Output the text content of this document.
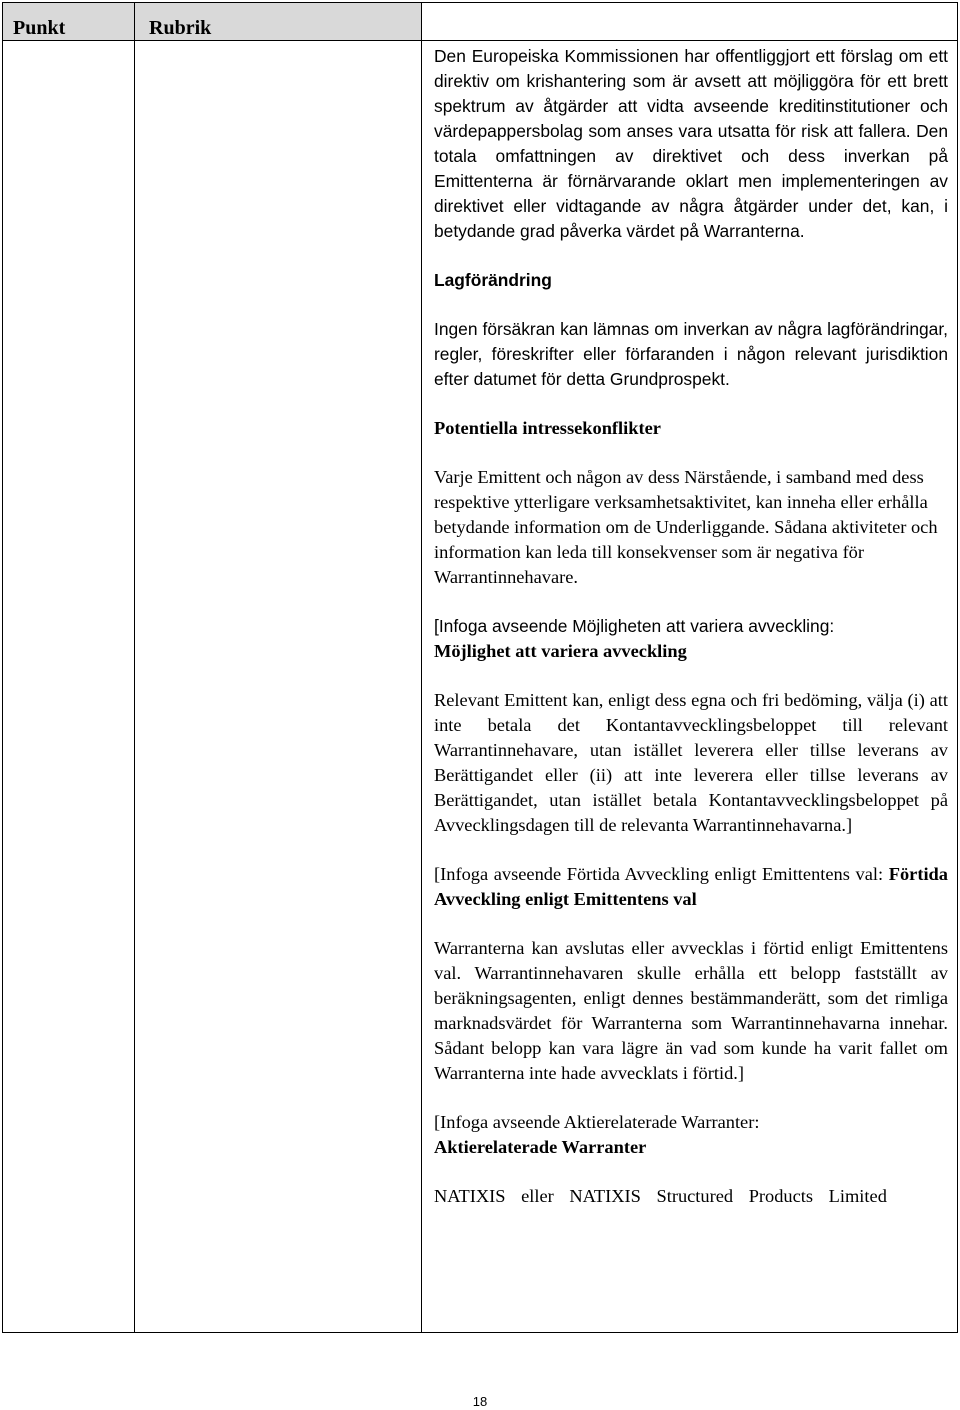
Punkt	Rubrik

Den Europeiska Kommissionen har offentliggjort ett förslag om ett direktiv om krishantering som är avsett att möjliggöra för ett brett spektrum av åtgärder att vidta avseende kreditinstitutioner och värdepappersbolag som anses vara utsatta för risk att fallera. Den totala omfattningen av direktivet och dess inverkan på Emittenterna är förnärvarande oklart men implementeringen av direktivet eller vidtagande av några åtgärder under det, kan, i betydande grad påverka värdet på Warranterna.

Lagförändring

Ingen försäkran kan lämnas om inverkan av några lagförändringar, regler, föreskrifter eller förfaranden i någon relevant jurisdiktion efter datumet för detta Grundprospekt.

Potentiella intressekonflikter

Varje Emittent och någon av dess Närstående, i samband med dess respektive ytterligare verksamhetsaktivitet, kan inneha eller erhålla betydande information om de Underliggande. Sådana aktiviteter och information kan leda till konsekvenser som är negativa för Warrantinnehavare.

[Infoga avseende Möjligheten att variera avveckling:
Möjlighet att variera avveckling

Relevant Emittent kan, enligt dess egna och fri bedöming, välja (i) att inte betala det Kontantavvecklingsbeloppet till relevant Warrantinnehavare, utan istället leverera eller tillse leverans av Berättigandet eller (ii) att inte leverera eller tillse leverans av Berättigandet, utan istället betala Kontantavvecklingsbeloppet på Avvecklingsdagen till de relevanta Warrantinnehavarna.]

[Infoga avseende Förtida Avveckling enligt Emittentens val: Förtida Avveckling enligt Emittentens val

Warranterna kan avslutas eller avvecklas i förtid enligt Emittentens val. Warrantinnehavaren skulle erhålla ett belopp fastställt av beräkningsagenten, enligt dennes bestämmanderätt, som det rimliga marknadsvärdet för Warranterna som Warrantinnehavarna innehar. Sådant belopp kan vara lägre än vad som kunde ha varit fallet om Warranterna inte hade avvecklats i förtid.]

[Infoga avseende Aktierelaterade Warranter:
Aktierelaterade Warranter

NATIXIS eller NATIXIS Structured Products Limited

18
